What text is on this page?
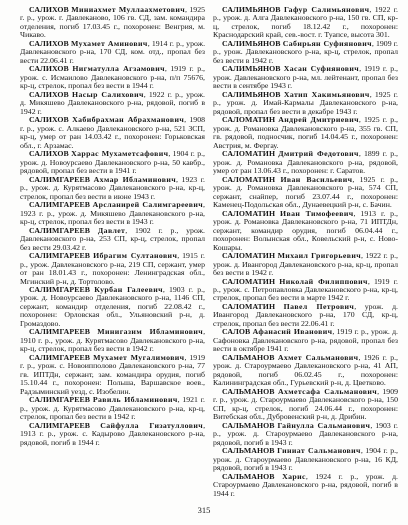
САЛИХОВ Миниахмет Муллаахметович, 1925 г. р., урож. г. Давлеканово, 106 гв. СД, зам. командира отделения, погиб 17.03.45 г., похоронен: Венгрия, м. Чикаво.

САЛИХОВ Мухамет Аминович, 1914 г. р., урож. Давлекановского р-на, 170 СД, ком. отд., пропал без вести 22.06.41 г.

САЛИХОВ Нигматулла Агзамович, 1919 г. р., урож. с. Исмаилово Давлекановского р-на, п/п 75676, кр-ц, стрелок, пропал без вести в 1944 г.

САЛИХОВ Насыр Салихович, 1922 г. р., урож. д. Микяшево Давлекановского р-на, рядовой, погиб в 1942 г.

САЛИХОВ Хабибрахман Абрахманович, 1908 г. р., урож. с. Алкаево Давлекановского р-на, 521 ЗСП, кр-ц, умер от ран 14.03.42 г., похоронен: Горьковская обл., г. Арзамас.

САЛИХОВ Харрас Мухаметсафович, 1904 г. р., урож. д. Новоурсаево Давлекановского р-на, 50 кавбр., рядовой, пропал без вести в 1941 г.

САЛИМГАРЕЕВ Ахмар Ибламинович, 1923 г. р., урож. д. Курятмасово Давлекановского р-на, кр-ц, стрелок, пропал без вести в июне 1943 г.

САЛИМГАРЕЕВ Арсланирей Салимгареевич, 1923 г. р., урож. д. Микяшево Давлекановского р-на, кр-ц, стрелок, пропал без вести в 1943 г.

САЛИМГАРЕЕВ Давлет, 1902 г. р., урож. Давлекановского р-на, 253 СП, кр-ц, стрелок, пропал без вести 29.03.42 г.

САЛИМГАРЕЕВ Ибрагим Султанович, 1915 г. р., урож. Давлекановского р-на, 219 СП, сержант, умер от ран 18.01.43 г., похоронен: Ленинградская обл., Мгинский р-н, д. Тортолово.

САЛИМГАРЕЕВ Курбан Галеевич, 1903 г. р., урож. д. Новоурсаево Давлекановского р-на, 1146 СП, сержант, командир отделения, погиб 22.08.42 г., похоронен: Орловская обл., Ульяновский р-н, д. Громаздово.

САЛИМГАРЕЕВ Минигазим Ибламинович, 1910 г. р., урож. д. Курятмасово Давлекановского р-на, кр-ц, стрелок, пропал без вести в 1942 г.

САЛИМГАРЕЕВ Мухамет Мугалимович, 1919 г. р., урож. с. Новоипполово Давлекановского р-на, 77 гв. ИПТДн, сержант, зам. командира орудия, погиб 15.10.44 г., похоронен: Польша, Варшавское воев., Радзыминский уезд, с. Изобелин.

САЛИМГАРЕЕВ Равиль Ибламинович, 1921 г. р., урож. д. Курятмасово Давлекановского р-на, кр-ц, стрелок, пропал без вести в 1942 г.

САЛИМГАРЕЕВ Сайфулла Гизатуллович, 1913 г. р., урож. с. Кадырово Давлекановского р-на, рядовой, погиб в 1944 г.

САЛИМЬЯНОВ Гафур Салимьянович, 1922 г. р., урож. д. Алга Давлекановского р-на, 150 гв. СП, кр-ц, стрелок, погиб 18.12.42 г., похоронен: Краснодарский край, сев.-вост. г. Туапсе, высота 301.

САЛИМЬЯНОВ Сабирьян Суфиянович, 1909 г. р., урож. Давлекановского р-на, кр-ц, стрелок, пропал без вести в 1942 г.

САЛИМЬЯНОВ Хасан Суфиянович, 1919 г. р., урож. Давлекановского р-на, мл. лейтенант, пропал без вести в сентябре 1943 г.

САЛИМЬЯНОВ Хатип Хакимьянович, 1925 г. р., урож. д. Имай-Кармалы Давлекановского р-на, рядовой, пропал без вести в декабре 1943 г.

САЛОМАТИН Андрей Дмитриевич, 1925 г. р., урож. д. Романовка Давлекановского р-на, 355 гв. СП, гв. рядовой, подносчик, погиб 14.04.45 г., похоронен: Австрия, м. Фергау.

САЛОМАТИН Дмитрий Федотович, 1899 г. р., урож. д. Романовка Давлекановского р-на, рядовой, умер от ран 13.06.43 г., похоронен: г. Саратов.

САЛОМАТИН Иван Васильевич, 1925 г. р., урож. д. Романовка Давлекановского р-на, 574 СП, сержант, снайпер, погиб 23.07.44 г., похоронен: Каменец-Подольская обл., Дунаевецкий р-н, с. Бачин.

САЛОМАТИН Иван Тимофеевич, 1913 г. р., урож. д. Романовка Давлекановского р-на, 71 ИПТДн, сержант, командир орудия, погиб 06.04.44 г., похоронен: Волынская обл., Ковельский р-н, с. Ново-Кошары.

САЛОМАТИН Михаил Григорьевич, 1922 г. р., урож. д. Ивангород Давлекановского р-на, кр-ц, пропал без вести в 1942 г.

САЛОМАТИН Николай Филиппович, 1919 г. р., урож. с. Петропавловка Давлекановского р-на, кр-ц, стрелок, пропал без вести в марте 1942 г.

САЛОМАТИН Павел Петрович, урож. д. Ивангород Давлекановского р-на, 170 СД, кр-ц, стрелок, пропал без вести 22.06.41 г.

САЛОВ Афанасий Иванович, 1919 г. р., урож. д. Сафоновка Давлекановского р-на, рядовой, пропал без вести в октябре 1941 г.

САЛЬМАНОВ Ахмет Сальманович, 1926 г. р., урож. д. Староурмаево Давлекановского р-на, 41 АП, рядовой, погиб 06.02.45 г., похоронен: Калининградская обл., Гурьевский р-н, д. Цветково.

САЛЬМАНОВ Ахметсафа Сальманович, 1909 г. р., урож. д. Староурмаево Давлекановского р-на, 150 СП, кр-ц, стрелок, погиб 24.06.44 г., похоронен: Витебская обл., Дубровенский р-н, д. Дрибин.

САЛЬМАНОВ Гайнулла Сальманович, 1903 г. р., урож. д. Староурмаево Давлекановского р-на, рядовой, погиб в 1943 г.

САЛЬМАНОВ Гиниат Сальманович, 1904 г. р., урож. д. Староурмаево Давлекановского р-на, 16 КД, рядовой, погиб в 1943 г.

САЛЬМАНОВ Харис, 1924 г. р., урож. д. Староурмаево Давлекановского р-на, рядовой, погиб в 1944 г.

315
